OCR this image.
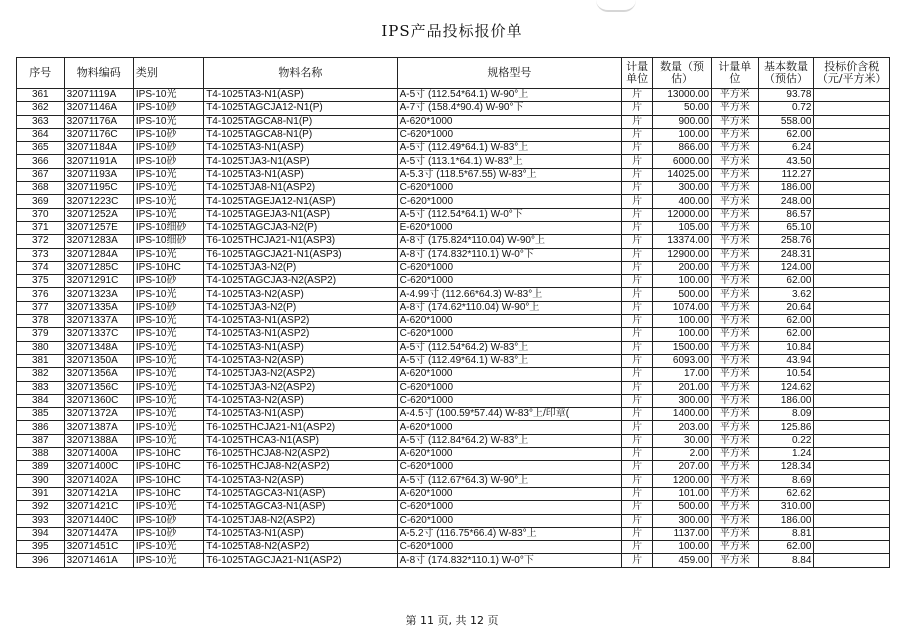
IPS产品投标报价单
序号	物料编码	类别	物料名称	规格型号	计量单位	数量（预估）	计量单位	基本数量（预估）	投标价含税（元/平方米）
361	32071119A	IPS-10光	T4-1025TA3-N1(ASP)	A-5寸 (112.54*64.1) W-90°上	片	13000.00	平方米	93.78	
362	32071146A	IPS-10砂	T4-1025TAGCJA12-N1(P)	A-7寸 (158.4*90.4) W-90°下	片	50.00	平方米	0.72	
363	32071176A	IPS-10光	T4-1025TAGCA8-N1(P)	A-620*1000	片	900.00	平方米	558.00	
364	32071176C	IPS-10砂	T4-1025TAGCA8-N1(P)	C-620*1000	片	100.00	平方米	62.00	
365	32071184A	IPS-10砂	T4-1025TA3-N1(ASP)	A-5寸 (112.49*64.1) W-83°上	片	866.00	平方米	6.24	
366	32071191A	IPS-10砂	T4-1025TJA3-N1(ASP)	A-5寸 (113.1*64.1) W-83°上	片	6000.00	平方米	43.50	
367	32071193A	IPS-10光	T4-1025TA3-N1(ASP)	A-5.3寸 (118.5*67.55) W-83°上	片	14025.00	平方米	112.27	
368	32071195C	IPS-10光	T4-1025TJA8-N1(ASP2)	C-620*1000	片	300.00	平方米	186.00	
369	32071223C	IPS-10光	T4-1025TAGEJA12-N1(ASP)	C-620*1000	片	400.00	平方米	248.00	
370	32071252A	IPS-10光	T4-1025TAGEJA3-N1(ASP)	A-5寸 (112.54*64.1) W-0°下	片	12000.00	平方米	86.57	
371	32071257E	IPS-10细砂	T4-1025TAGCJA3-N2(P)	E-620*1000	片	105.00	平方米	65.10	
372	32071283A	IPS-10细砂	T6-1025THCJA21-N1(ASP3)	A-8寸 (175.824*110.04) W-90°上	片	13374.00	平方米	258.76	
373	32071284A	IPS-10光	T6-1025TAGCJA21-N1(ASP3)	A-8寸 (174.832*110.1) W-0°下	片	12900.00	平方米	248.31	
374	32071285C	IPS-10HC	T4-1025TJA3-N2(P)	C-620*1000	片	200.00	平方米	124.00	
375	32071291C	IPS-10砂	T4-1025TAGCJA3-N2(ASP2)	C-620*1000	片	100.00	平方米	62.00	
376	32071323A	IPS-10光	T4-1025TA3-N2(ASP)	A-4.99寸 (112.66*64.3) W-83°上	片	500.00	平方米	3.62	
377	32071335A	IPS-10砂	T4-1025TJA3-N2(P)	A-8寸 (174.62*110.04) W-90°上	片	1074.00	平方米	20.64	
378	32071337A	IPS-10光	T4-1025TA3-N1(ASP2)	A-620*1000	片	100.00	平方米	62.00	
379	32071337C	IPS-10光	T4-1025TA3-N1(ASP2)	C-620*1000	片	100.00	平方米	62.00	
380	32071348A	IPS-10光	T4-1025TA3-N1(ASP)	A-5寸 (112.54*64.2) W-83°上	片	1500.00	平方米	10.84	
381	32071350A	IPS-10光	T4-1025TA3-N2(ASP)	A-5寸 (112.49*64.1) W-83°上	片	6093.00	平方米	43.94	
382	32071356A	IPS-10光	T4-1025TJA3-N2(ASP2)	A-620*1000	片	17.00	平方米	10.54	
383	32071356C	IPS-10光	T4-1025TJA3-N2(ASP2)	C-620*1000	片	201.00	平方米	124.62	
384	32071360C	IPS-10光	T4-1025TA3-N2(ASP)	C-620*1000	片	300.00	平方米	186.00	
385	32071372A	IPS-10光	T4-1025TA3-N1(ASP)	A-4.5寸 (100.59*57.44) W-83°上/印章(	片	1400.00	平方米	8.09	
386	32071387A	IPS-10光	T6-1025THCJA21-N1(ASP2)	A-620*1000	片	203.00	平方米	125.86	
387	32071388A	IPS-10光	T4-1025THCA3-N1(ASP)	A-5寸 (112.84*64.2) W-83°上	片	30.00	平方米	0.22	
388	32071400A	IPS-10HC	T6-1025THCJA8-N2(ASP2)	A-620*1000	片	2.00	平方米	1.24	
389	32071400C	IPS-10HC	T6-1025THCJA8-N2(ASP2)	C-620*1000	片	207.00	平方米	128.34	
390	32071402A	IPS-10HC	T4-1025TA3-N2(ASP)	A-5寸 (112.67*64.3) W-90°上	片	1200.00	平方米	8.69	
391	32071421A	IPS-10HC	T4-1025TAGCA3-N1(ASP)	A-620*1000	片	101.00	平方米	62.62	
392	32071421C	IPS-10光	T4-1025TAGCA3-N1(ASP)	C-620*1000	片	500.00	平方米	310.00	
393	32071440C	IPS-10砂	T4-1025TJA8-N2(ASP2)	C-620*1000	片	300.00	平方米	186.00	
394	32071447A	IPS-10砂	T4-1025TA3-N1(ASP)	A-5.2寸 (116.75*66.4) W-83°上	片	1137.00	平方米	8.81	
395	32071451C	IPS-10光	T4-1025TA8-N2(ASP2)	C-620*1000	片	100.00	平方米	62.00	
396	32071461A	IPS-10光	T6-1025TAGCJA21-N1(ASP2)	A-8寸 (174.832*110.1) W-0°下	片	459.00	平方米	8.84	
第 11 页, 共 12 页
